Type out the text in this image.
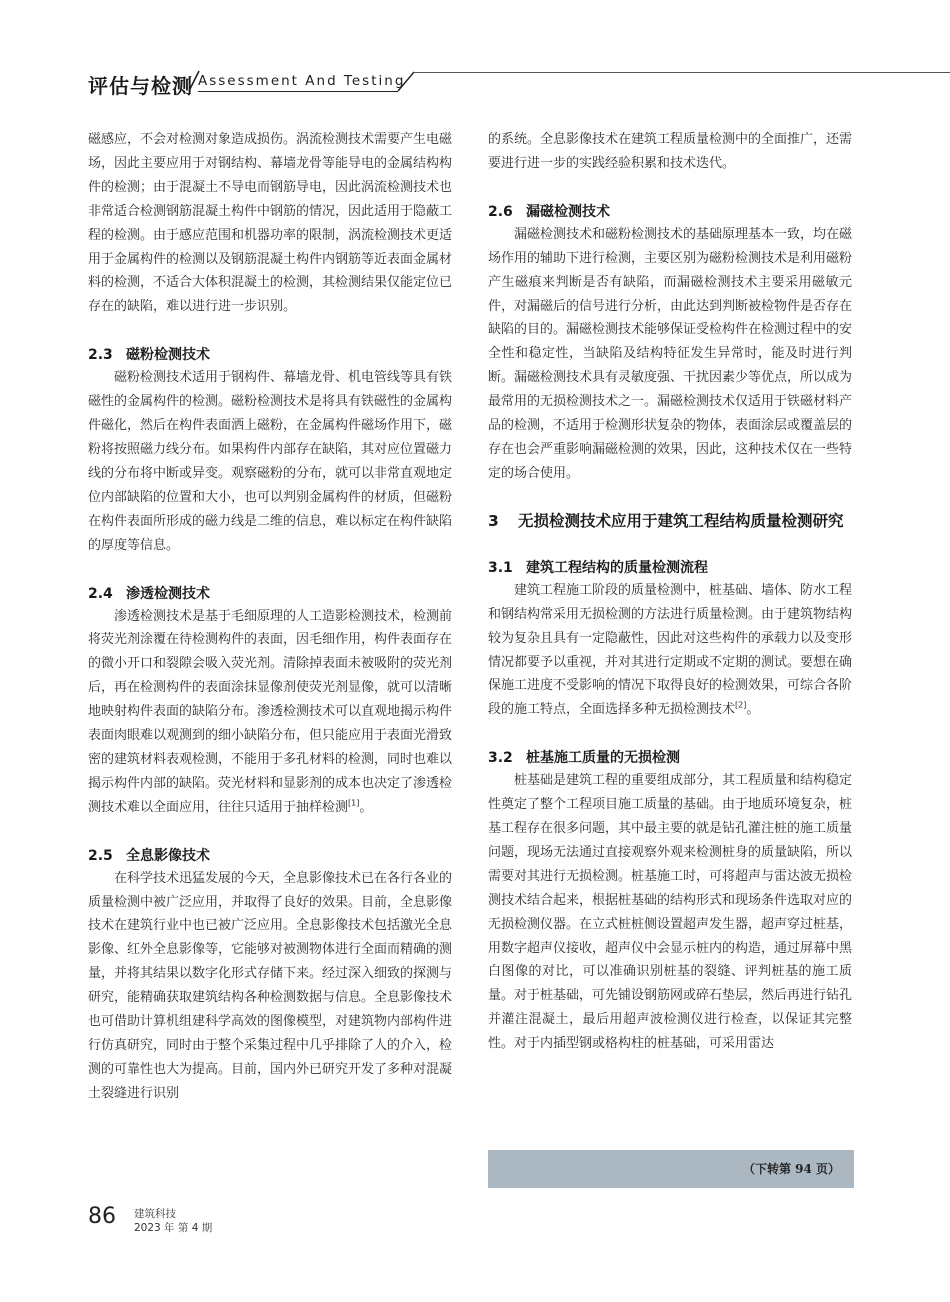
评估与检测 Assessment And Testing

磁感应，不会对检测对象造成损伤。涡流检测技术需要产生电磁场，因此主要应用于对钢结构、幕墙龙骨等能导电的金属结构构件的检测；由于混凝土不导电而钢筋导电，因此涡流检测技术也非常适合检测钢筋混凝土构件中钢筋的情况，因此适用于隐蔽工程的检测。由于感应范围和机器功率的限制，涡流检测技术更适用于金属构件的检测以及钢筋混凝土构件内钢筋等近表面金属材料的检测，不适合大体积混凝土的检测，其检测结果仅能定位已存在的缺陷，难以进行进一步识别。

2.3 磁粉检测技术

磁粉检测技术适用于钢构件、幕墙龙骨、机电管线等具有铁磁性的金属构件的检测。磁粉检测技术是将具有铁磁性的金属构件磁化，然后在构件表面洒上磁粉，在金属构件磁场作用下，磁粉将按照磁力线分布。如果构件内部存在缺陷，其对应位置磁力线的分布将中断或异变。观察磁粉的分布，就可以非常直观地定位内部缺陷的位置和大小，也可以判别金属构件的材质，但磁粉在构件表面所形成的磁力线是二维的信息，难以标定在构件缺陷的厚度等信息。

2.4 渗透检测技术

渗透检测技术是基于毛细原理的人工造影检测技术，检测前将荧光剂涂覆在待检测构件的表面，因毛细作用，构件表面存在的微小开口和裂隙会吸入荧光剂。清除掉表面未被吸附的荧光剂后，再在检测构件的表面涂抹显像剂使荧光剂显像，就可以清晰地映射构件表面的缺陷分布。渗透检测技术可以直观地揭示构件表面肉眼难以观测到的细小缺陷分布，但只能应用于表面光滑致密的建筑材料表观检测，不能用于多孔材料的检测，同时也难以揭示构件内部的缺陷。荧光材料和显影剂的成本也决定了渗透检测技术难以全面应用，往往只适用于抽样检测[1]。

2.5 全息影像技术

在科学技术迅猛发展的今天，全息影像技术已在各行各业的质量检测中被广泛应用，并取得了良好的效果。目前，全息影像技术在建筑行业中也已被广泛应用。全息影像技术包括激光全息影像、红外全息影像等，它能够对被测物体进行全面而精确的测量，并将其结果以数字化形式存储下来。经过深入细致的探测与研究，能精确获取建筑结构各种检测数据与信息。全息影像技术也可借助计算机组建科学高效的图像模型，对建筑物内部构件进行仿真研究，同时由于整个采集过程中几乎排除了人的介入，检测的可靠性也大为提高。目前，国内外已研究开发了多种对混凝土裂缝进行识别

的系统。全息影像技术在建筑工程质量检测中的全面推广，还需要进行进一步的实践经验积累和技术迭代。

2.6 漏磁检测技术

漏磁检测技术和磁粉检测技术的基础原理基本一致，均在磁场作用的辅助下进行检测，主要区别为磁粉检测技术是利用磁粉产生磁痕来判断是否有缺陷，而漏磁检测技术主要采用磁敏元件，对漏磁后的信号进行分析，由此达到判断被检物件是否存在缺陷的目的。漏磁检测技术能够保证受检构件在检测过程中的安全性和稳定性，当缺陷及结构特征发生异常时，能及时进行判断。漏磁检测技术具有灵敏度强、干扰因素少等优点，所以成为最常用的无损检测技术之一。漏磁检测技术仅适用于铁磁材料产品的检测，不适用于检测形状复杂的物体，表面涂层或覆盖层的存在也会严重影响漏磁检测的效果，因此，这种技术仅在一些特定的场合使用。

3 无损检测技术应用于建筑工程结构质量检测研究
3.1 建筑工程结构的质量检测流程

建筑工程施工阶段的质量检测中，桩基础、墙体、防水工程和钢结构常采用无损检测的方法进行质量检测。由于建筑物结构较为复杂且具有一定隐蔽性，因此对这些构件的承载力以及变形情况都要予以重视，并对其进行定期或不定期的测试。要想在确保施工进度不受影响的情况下取得良好的检测效果，可综合各阶段的施工特点，全面选择多种无损检测技术[2]。

3.2 桩基施工质量的无损检测

桩基础是建筑工程的重要组成部分，其工程质量和结构稳定性奠定了整个工程项目施工质量的基础。由于地质环境复杂，桩基工程存在很多问题，其中最主要的就是钻孔灌注桩的施工质量问题，现场无法通过直接观察外观来检测桩身的质量缺陷，所以需要对其进行无损检测。桩基施工时，可将超声与雷达波无损检测技术结合起来，根据桩基础的结构形式和现场条件选取对应的无损检测仪器。在立式桩桩侧设置超声发生器，超声穿过桩基，用数字超声仪接收，超声仪中会显示桩内的构造，通过屏幕中黑白图像的对比，可以准确识别桩基的裂缝、评判桩基的施工质量。对于桩基础，可先铺设钢筋网或碎石垫层，然后再进行钻孔并灌注混凝土，最后用超声波检测仪进行检查，以保证其完整性。对于内插型钢或格构柱的桩基础，可采用雷达

（下转第 94 页）
86 建筑科技
2023 年 第 4 期
